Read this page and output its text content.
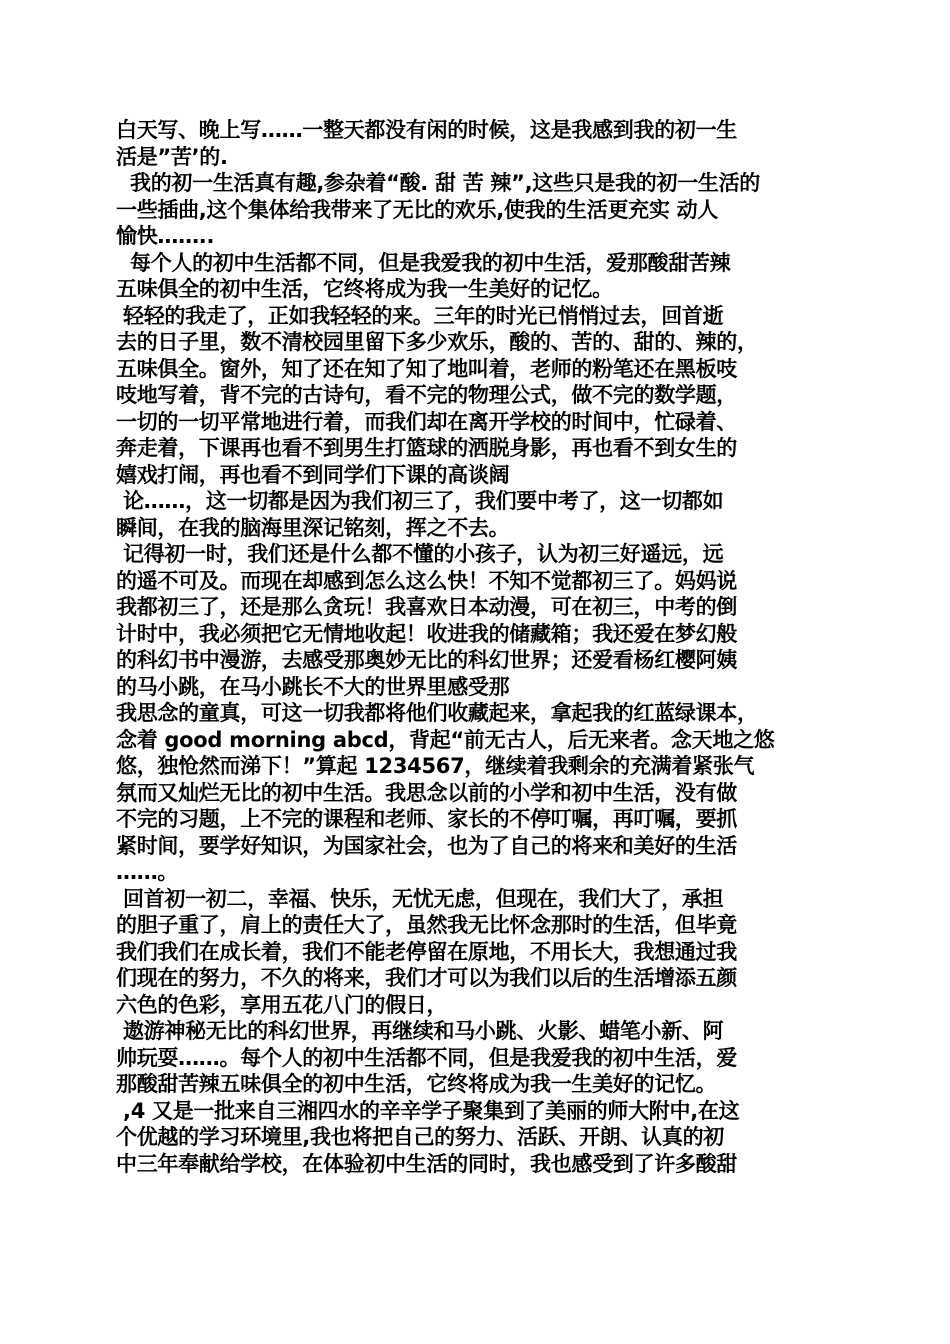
白天写、晚上写……一整天都没有闲的时候，这是我感到我的初一生
活是”苦’的.
我的初一生活真有趣,参杂着“酸. 甜 苦 辣”,这些只是我的初一生活的
一些插曲,这个集体给我带来了无比的欢乐,使我的生活更充实 动人
愉快……..
每个人的初中生活都不同，但是我爱我的初中生活，爱那酸甜苦辣
五味俱全的初中生活，它终将成为我一生美好的记忆。
轻轻的我走了，正如我轻轻的来。三年的时光已悄悄过去，回首逝
去的日子里，数不清校园里留下多少欢乐，酸的、苦的、甜的、辣的，
五味俱全。窗外，知了还在知了知了地叫着，老师的粉笔还在黑板吱
吱地写着，背不完的古诗句，看不完的物理公式，做不完的数学题，
一切的一切平常地进行着，而我们却在离开学校的时间中，忙碌着、
奔走着，下课再也看不到男生打篮球的洒脱身影，再也看不到女生的
嬉戏打闹，再也看不到同学们下课的高谈阔
论……，这一切都是因为我们初三了，我们要中考了，这一切都如
瞬间，在我的脑海里深记铭刻，挥之不去。
记得初一时，我们还是什么都不懂的小孩子，认为初三好遥远，远
的遥不可及。而现在却感到怎么这么快！不知不觉都初三了。妈妈说
我都初三了，还是那么贪玩！我喜欢日本动漫，可在初三，中考的倒
计时中，我必须把它无情地收起！收进我的储藏箱；我还爱在梦幻般
的科幻书中漫游，去感受那奥妙无比的科幻世界；还爱看杨红樱阿姨
的马小跳，在马小跳长不大的世界里感受那
我思念的童真，可这一切我都将他们收藏起来，拿起我的红蓝绿课本，
念着 good morning abcd，背起“前无古人，后无来者。念天地之悠
悠，独怆然而涕下！”算起 1234567，继续着我剩余的充满着紧张气
氛而又灿烂无比的初中生活。我思念以前的小学和初中生活，没有做
不完的习题，上不完的课程和老师、家长的不停叮嘱，再叮嘱，要抓
紧时间，要学好知识，为国家社会，也为了自己的将来和美好的生活
……。
回首初一初二，幸福、快乐，无忧无虑，但现在，我们大了，承担
的胆子重了，肩上的责任大了，虽然我无比怀念那时的生活，但毕竟
我们我们在成长着，我们不能老停留在原地，不用长大，我想通过我
们现在的努力，不久的将来，我们才可以为我们以后的生活增添五颜
六色的色彩，享用五花八门的假日，
遨游神秘无比的科幻世界，再继续和马小跳、火影、蜡笔小新、阿
帅玩耍……。每个人的初中生活都不同，但是我爱我的初中生活，爱
那酸甜苦辣五味俱全的初中生活，它终将成为我一生美好的记忆。
,4 又是一批来自三湘四水的辛辛学子聚集到了美丽的师大附中,在这
个优越的学习环境里,我也将把自己的努力、活跃、开朗、认真的初
中三年奉献给学校，在体验初中生活的同时，我也感受到了许多酸甜
